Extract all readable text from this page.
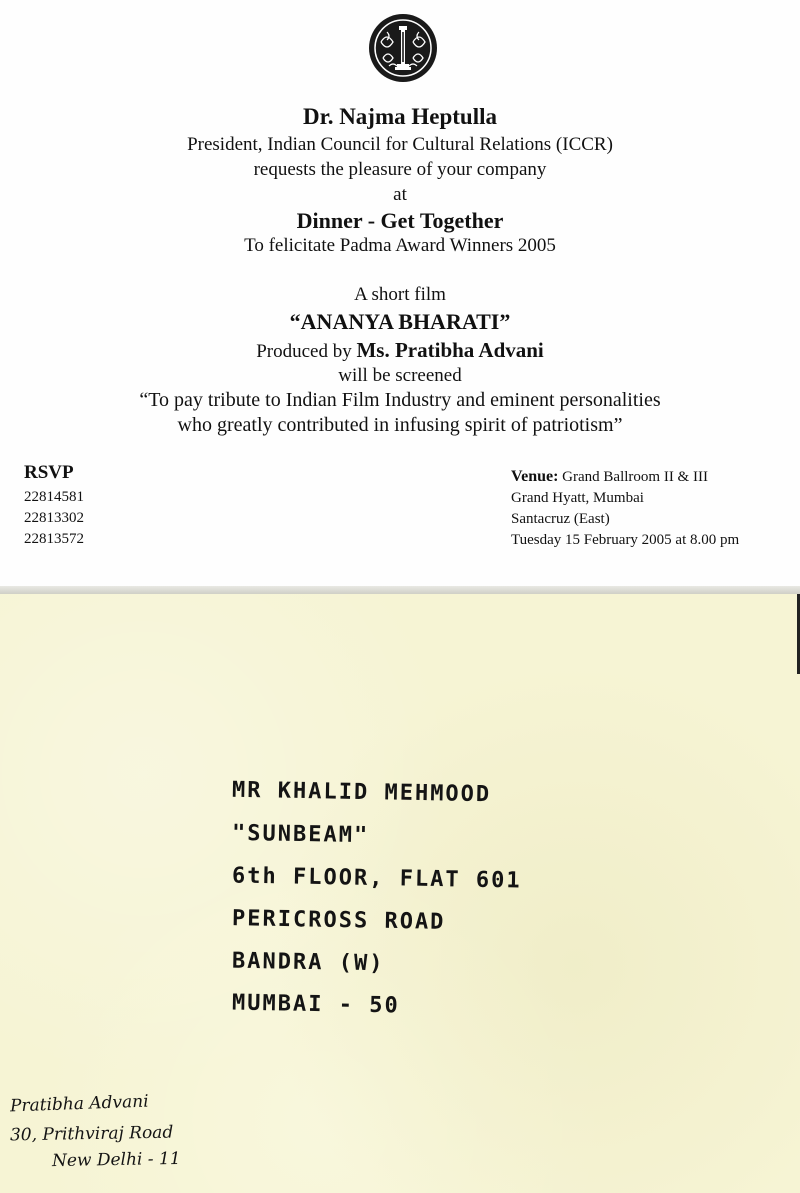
Dr. Najma Heptulla
President, Indian Council for Cultural Relations (ICCR)
requests the pleasure of your company
at
Dinner - Get Together
To felicitate Padma Award Winners 2005
A short film
“ANANYA BHARATI”
Produced by Ms. Pratibha Advani
will be screened
“To pay tribute to Indian Film Industry and eminent personalities
who greatly contributed in infusing spirit of patriotism”
RSVP
22814581
22813302
22813572
Venue: Grand Ballroom II & III
Grand Hyatt, Mumbai
Santacruz (East)
Tuesday 15 February 2005 at 8.00 pm
MR KHALID MEHMOOD
"SUNBEAM"
6th FLOOR, FLAT 601
PERICROSS ROAD
BANDRA (W)
MUMBAI - 50
Pratibha Advani
30, Prithviraj Road
New Delhi - 11
